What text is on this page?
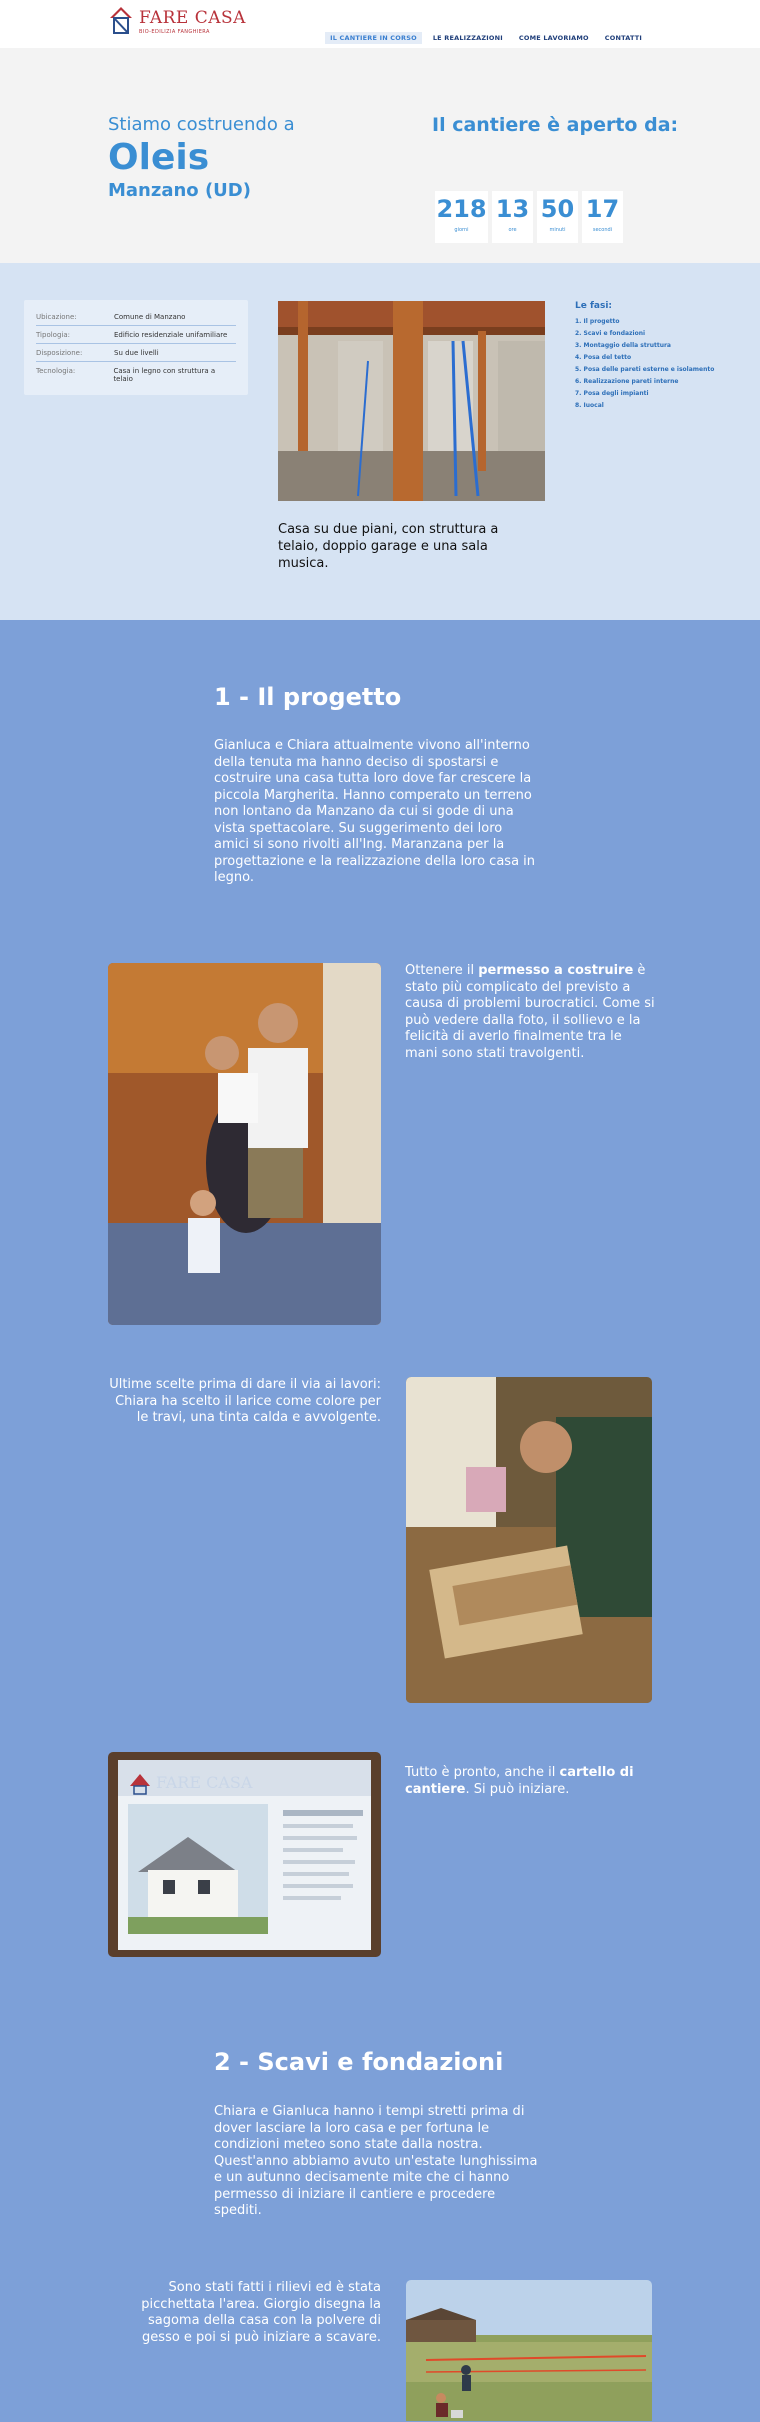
FARE CASA
BIO-EDILIZIA FANGHIERA
IL CANTIERE IN CORSO	LE REALIZZAZIONI	COME LAVORIAMO	CONTATTI
Stiamo costruendo a
Oleis
Manzano (UD)
Il cantiere è aperto da:
218
giorni
13
ore
50
minuti
17
secondi
Ubicazione:	Comune di Manzano
Tipologia:	Edificio residenziale unifamiliare
Disposizione:	Su due livelli
Tecnologia:	Casa in legno con struttura a telaio
Casa su due piani, con struttura a telaio, doppio garage e una sala musica.
Le fasi:
1. Il progetto
2. Scavi e fondazioni
3. Montaggio della struttura
4. Posa del tetto
5. Posa delle pareti esterne e isolamento
6. Realizzazione pareti interne
7. Posa degli impianti
8. Iuocal
1 - Il progetto
Gianluca e Chiara attualmente vivono all'interno della tenuta ma hanno deciso di spostarsi e costruire una casa tutta loro dove far crescere la piccola Margherita. Hanno comperato un terreno non lontano da Manzano da cui si gode di una vista spettacolare. Su suggerimento dei loro amici si sono rivolti all'Ing. Maranzana per la progettazione e la realizzazione della loro casa in legno.
Ottenere il permesso a costruire è stato più complicato del previsto a causa di problemi burocratici. Come si può vedere dalla foto, il sollievo e la felicità di averlo finalmente tra le mani sono stati travolgenti.
Ultime scelte prima di dare il via ai lavori: Chiara ha scelto il larice come colore per le travi, una tinta calda e avvolgente.
FARE CASA
Tutto è pronto, anche il cartello di cantiere. Si può iniziare.
2 - Scavi e fondazioni
Chiara e Gianluca hanno i tempi stretti prima di dover lasciare la loro casa e per fortuna le condizioni meteo sono state dalla nostra. Quest'anno abbiamo avuto un'estate lunghissima e un autunno decisamente mite che ci hanno permesso di iniziare il cantiere e procedere spediti.
Sono stati fatti i rilievi ed è stata picchettata l'area. Giorgio disegna la sagoma della casa con la polvere di gesso e poi si può iniziare a scavare.
